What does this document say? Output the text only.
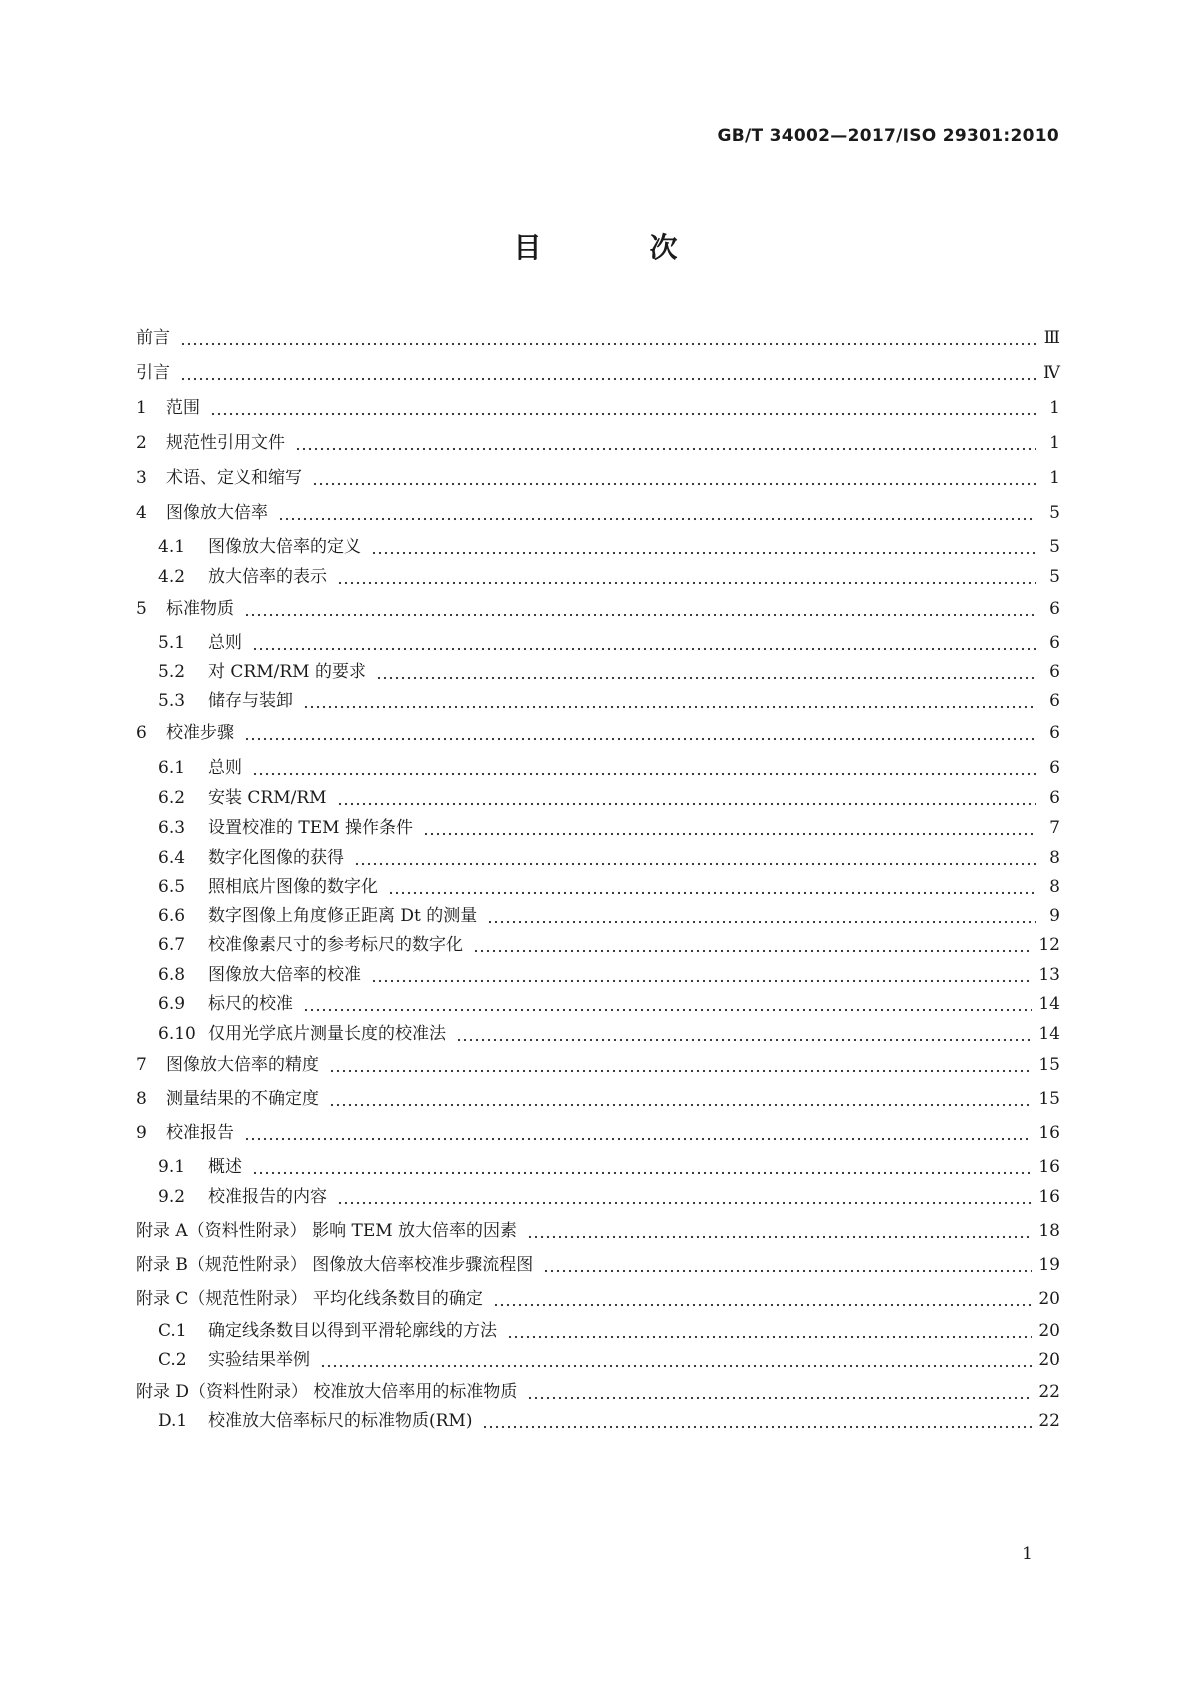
GB/T 34002—2017/ISO 29301:2010
目　次
前言	Ⅲ
引言	Ⅳ
1	范围	1
2	规范性引用文件	1
3	术语、定义和缩写	1
4	图像放大倍率	5
4.1	图像放大倍率的定义	5
4.2	放大倍率的表示	5
5	标准物质	6
5.1	总则	6
5.2	对 CRM/RM 的要求	6
5.3	储存与装卸	6
6	校准步骤	6
6.1	总则	6
6.2	安装 CRM/RM	6
6.3	设置校准的 TEM 操作条件	7
6.4	数字化图像的获得	8
6.5	照相底片图像的数字化	8
6.6	数字图像上角度修正距离 Dt 的测量	9
6.7	校准像素尺寸的参考标尺的数字化	12
6.8	图像放大倍率的校准	13
6.9	标尺的校准	14
6.10 仅用光学底片测量长度的校准法	14
7	图像放大倍率的精度	15
8	测量结果的不确定度	15
9	校准报告	16
9.1	概述	16
9.2	校准报告的内容	16
附录 A（资料性附录） 影响 TEM 放大倍率的因素	18
附录 B（规范性附录） 图像放大倍率校准步骤流程图	19
附录 C（规范性附录） 平均化线条数目的确定	20
C.1	确定线条数目以得到平滑轮廓线的方法	20
C.2	实验结果举例	20
附录 D（资料性附录） 校准放大倍率用的标准物质	22
D.1	校准放大倍率标尺的标准物质(RM)	22
1
